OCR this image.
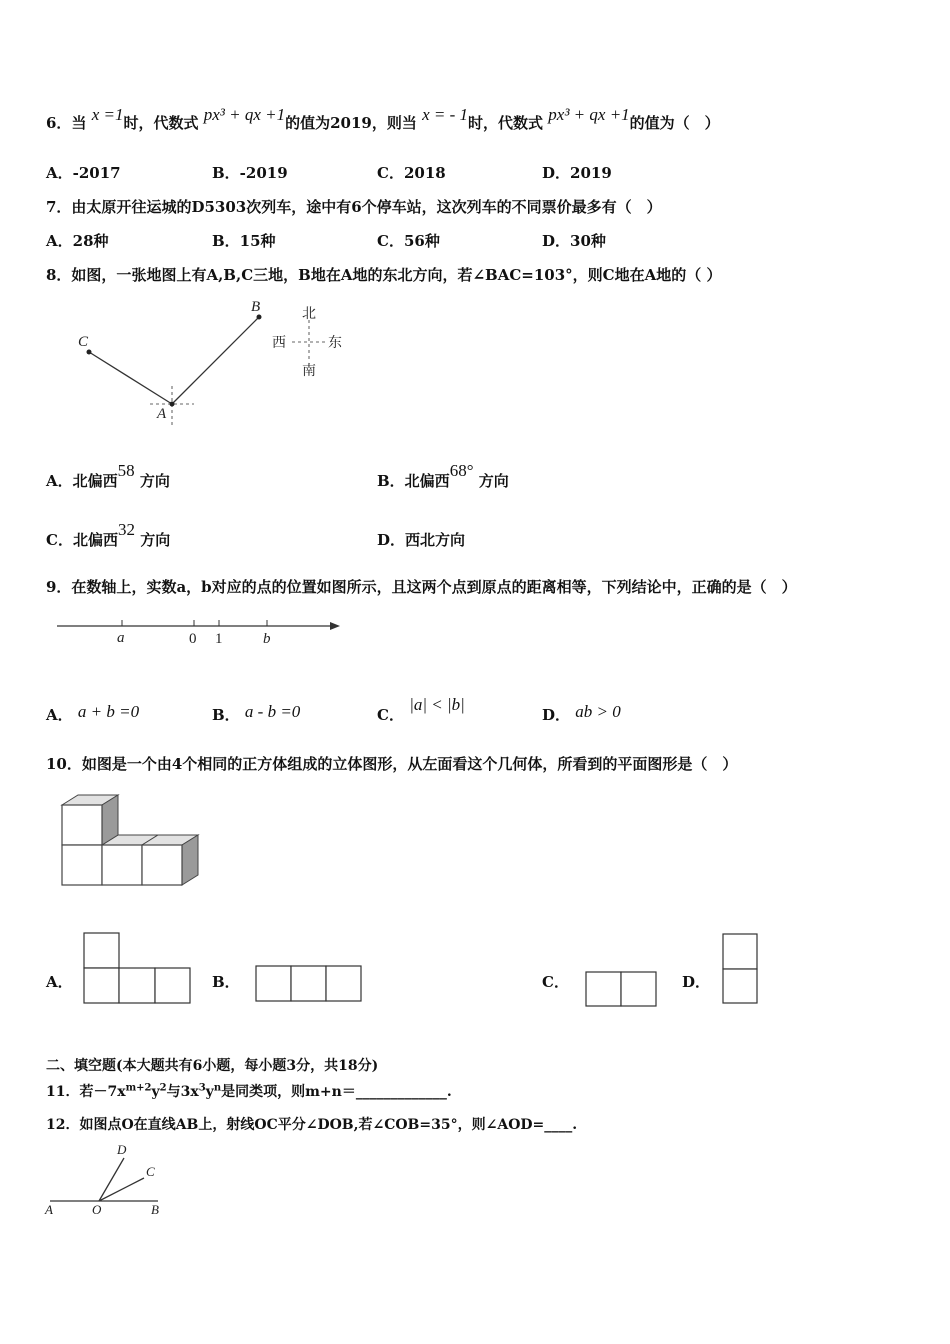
6．当 x =1时，代数式 px³ + qx +1的值为2019，则当 x = - 1时，代数式 px³ + qx +1的值为（　）
A．-2017	B．-2019	C．2018	D．2019
7．由太原开往运城的D5303次列车，途中有6个停车站，这次列车的不同票价最多有（　）
A．28种	B．15种	C．56种	D．30种
8．如图，一张地图上有A,B,C三地，B地在A地的东北方向，若∠BAC=103°，则C地在A地的（ ）
B
C
A
北
南
西	东
A．北偏西58 方向	B．北偏西68° 方向
C．北偏西32 方向	D．西北方向
9．在数轴上，实数a，b对应的点的位置如图所示，且这两个点到原点的距离相等，下列结论中，正确的是（　）
a	0 1	b
A． a + b =0	B． a - b =0	C． |a| < |b|
D． ab > 0
10．如图是一个由4个相同的正方体组成的立体图形，从左面看这个几何体，所看到的平面图形是（　）
A．	B．	C．	D．
二、填空题(本大题共有6小题，每小题3分，共18分)
11．若$-7x^{m+2}y^2$与$3x^3y^n$是同类项，则m+n＝_____________.
12．如图点O在直线AB上，射线OC平分∠DOB,若∠COB=35°，则∠AOD=____.
A	O	B
C
D
